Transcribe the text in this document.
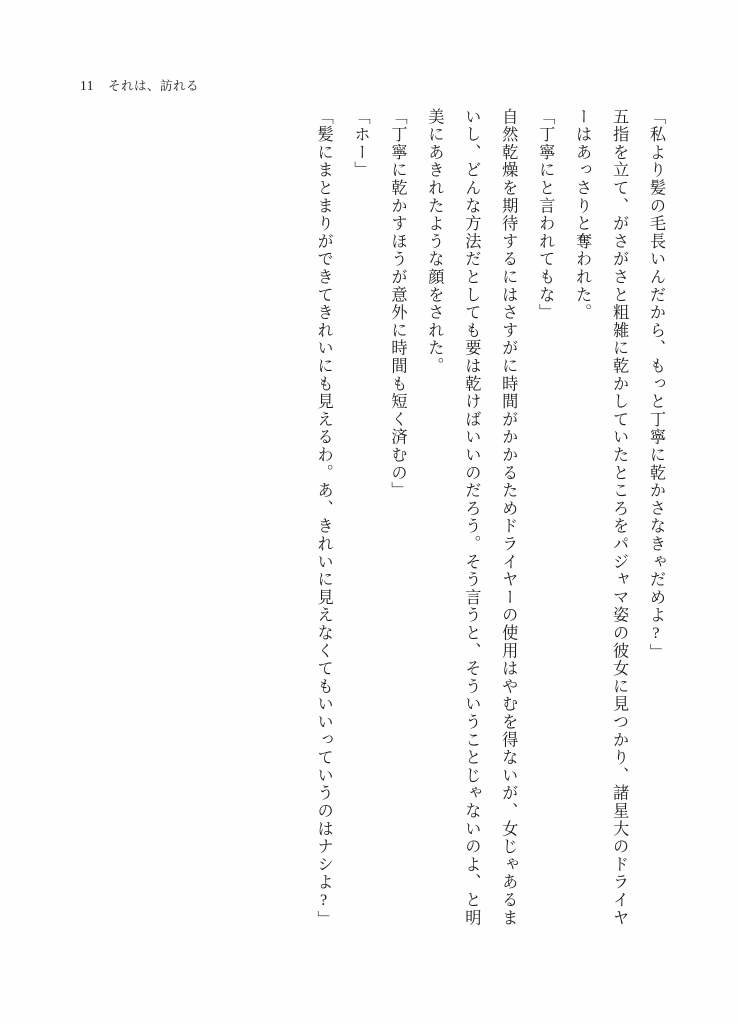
11 それは、訪れる

「私より髪の毛長いんだから、もっと丁寧に乾かさなきゃだめよ?」

五指を立て、がさがさと粗雑に乾かしていたところをパジャマ姿の彼女に見つかり、諸星大のドライヤーはあっさりと奪われた。

「丁寧にと言われてもな」

自然乾燥を期待するにはさすがに時間がかかるためドライヤーの使用はやむを得ないが、女じゃあるまいし、どんな方法だとしても要は乾けばいいのだろう。そう言うと、そういうことじゃないのよ、と明美にあきれたような顔をされた。

「丁寧に乾かすほうが意外に時間も短く済むの」

「ホー」

「髪にまとまりができてきれいにも見えるわ。あ、きれいに見えなくてもいいっていうのはナシよ?」
